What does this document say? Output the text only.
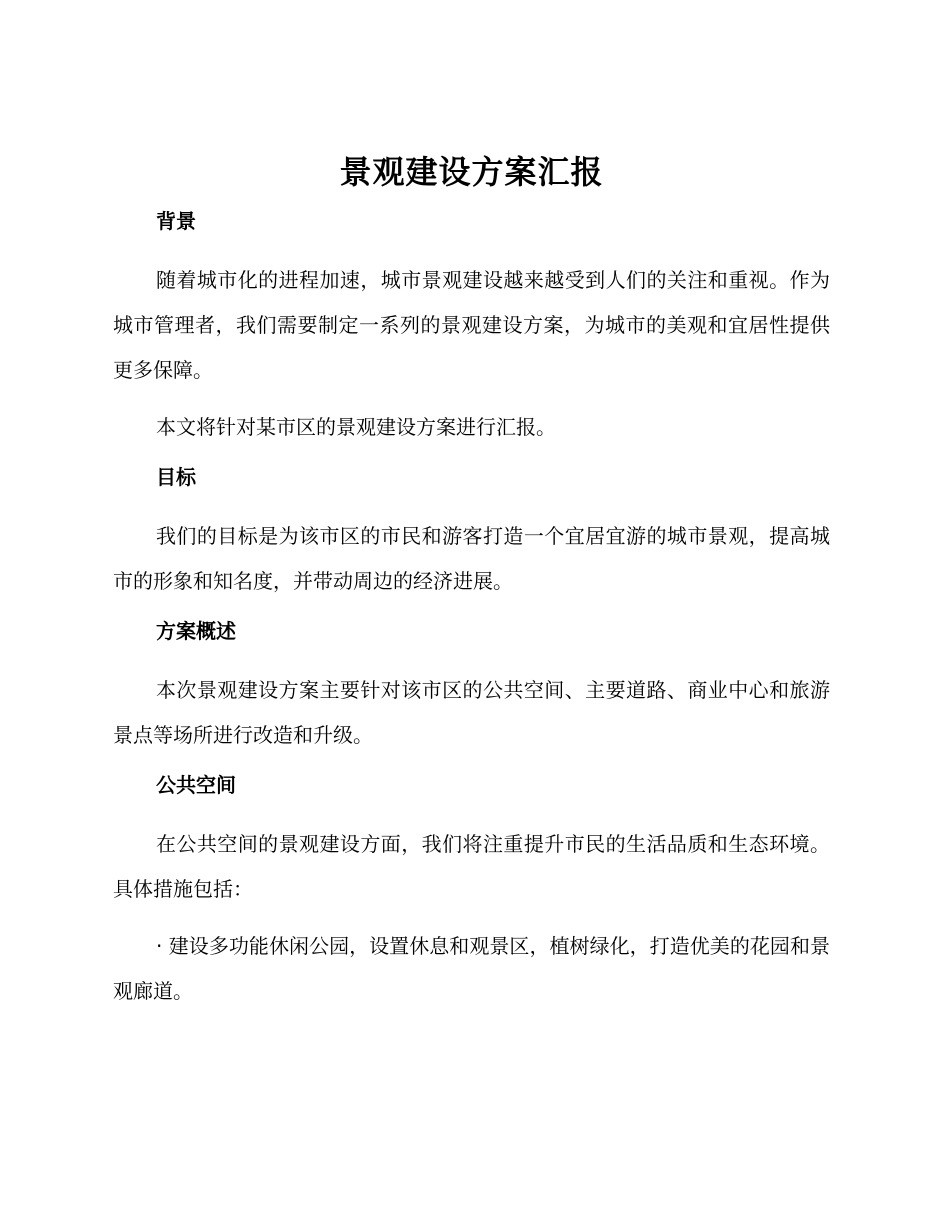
景观建设方案汇报
背景

随着城市化的进程加速，城市景观建设越来越受到人们的关注和重视。作为城市管理者，我们需要制定一系列的景观建设方案，为城市的美观和宜居性提供更多保障。

本文将针对某市区的景观建设方案进行汇报。

目标

我们的目标是为该市区的市民和游客打造一个宜居宜游的城市景观，提高城市的形象和知名度，并带动周边的经济进展。

方案概述

本次景观建设方案主要针对该市区的公共空间、主要道路、商业中心和旅游景点等场所进行改造和升级。

公共空间

在公共空间的景观建设方面，我们将注重提升市民的生活品质和生态环境。具体措施包括：

· 建设多功能休闲公园，设置休息和观景区，植树绿化，打造优美的花园和景观廊道。
